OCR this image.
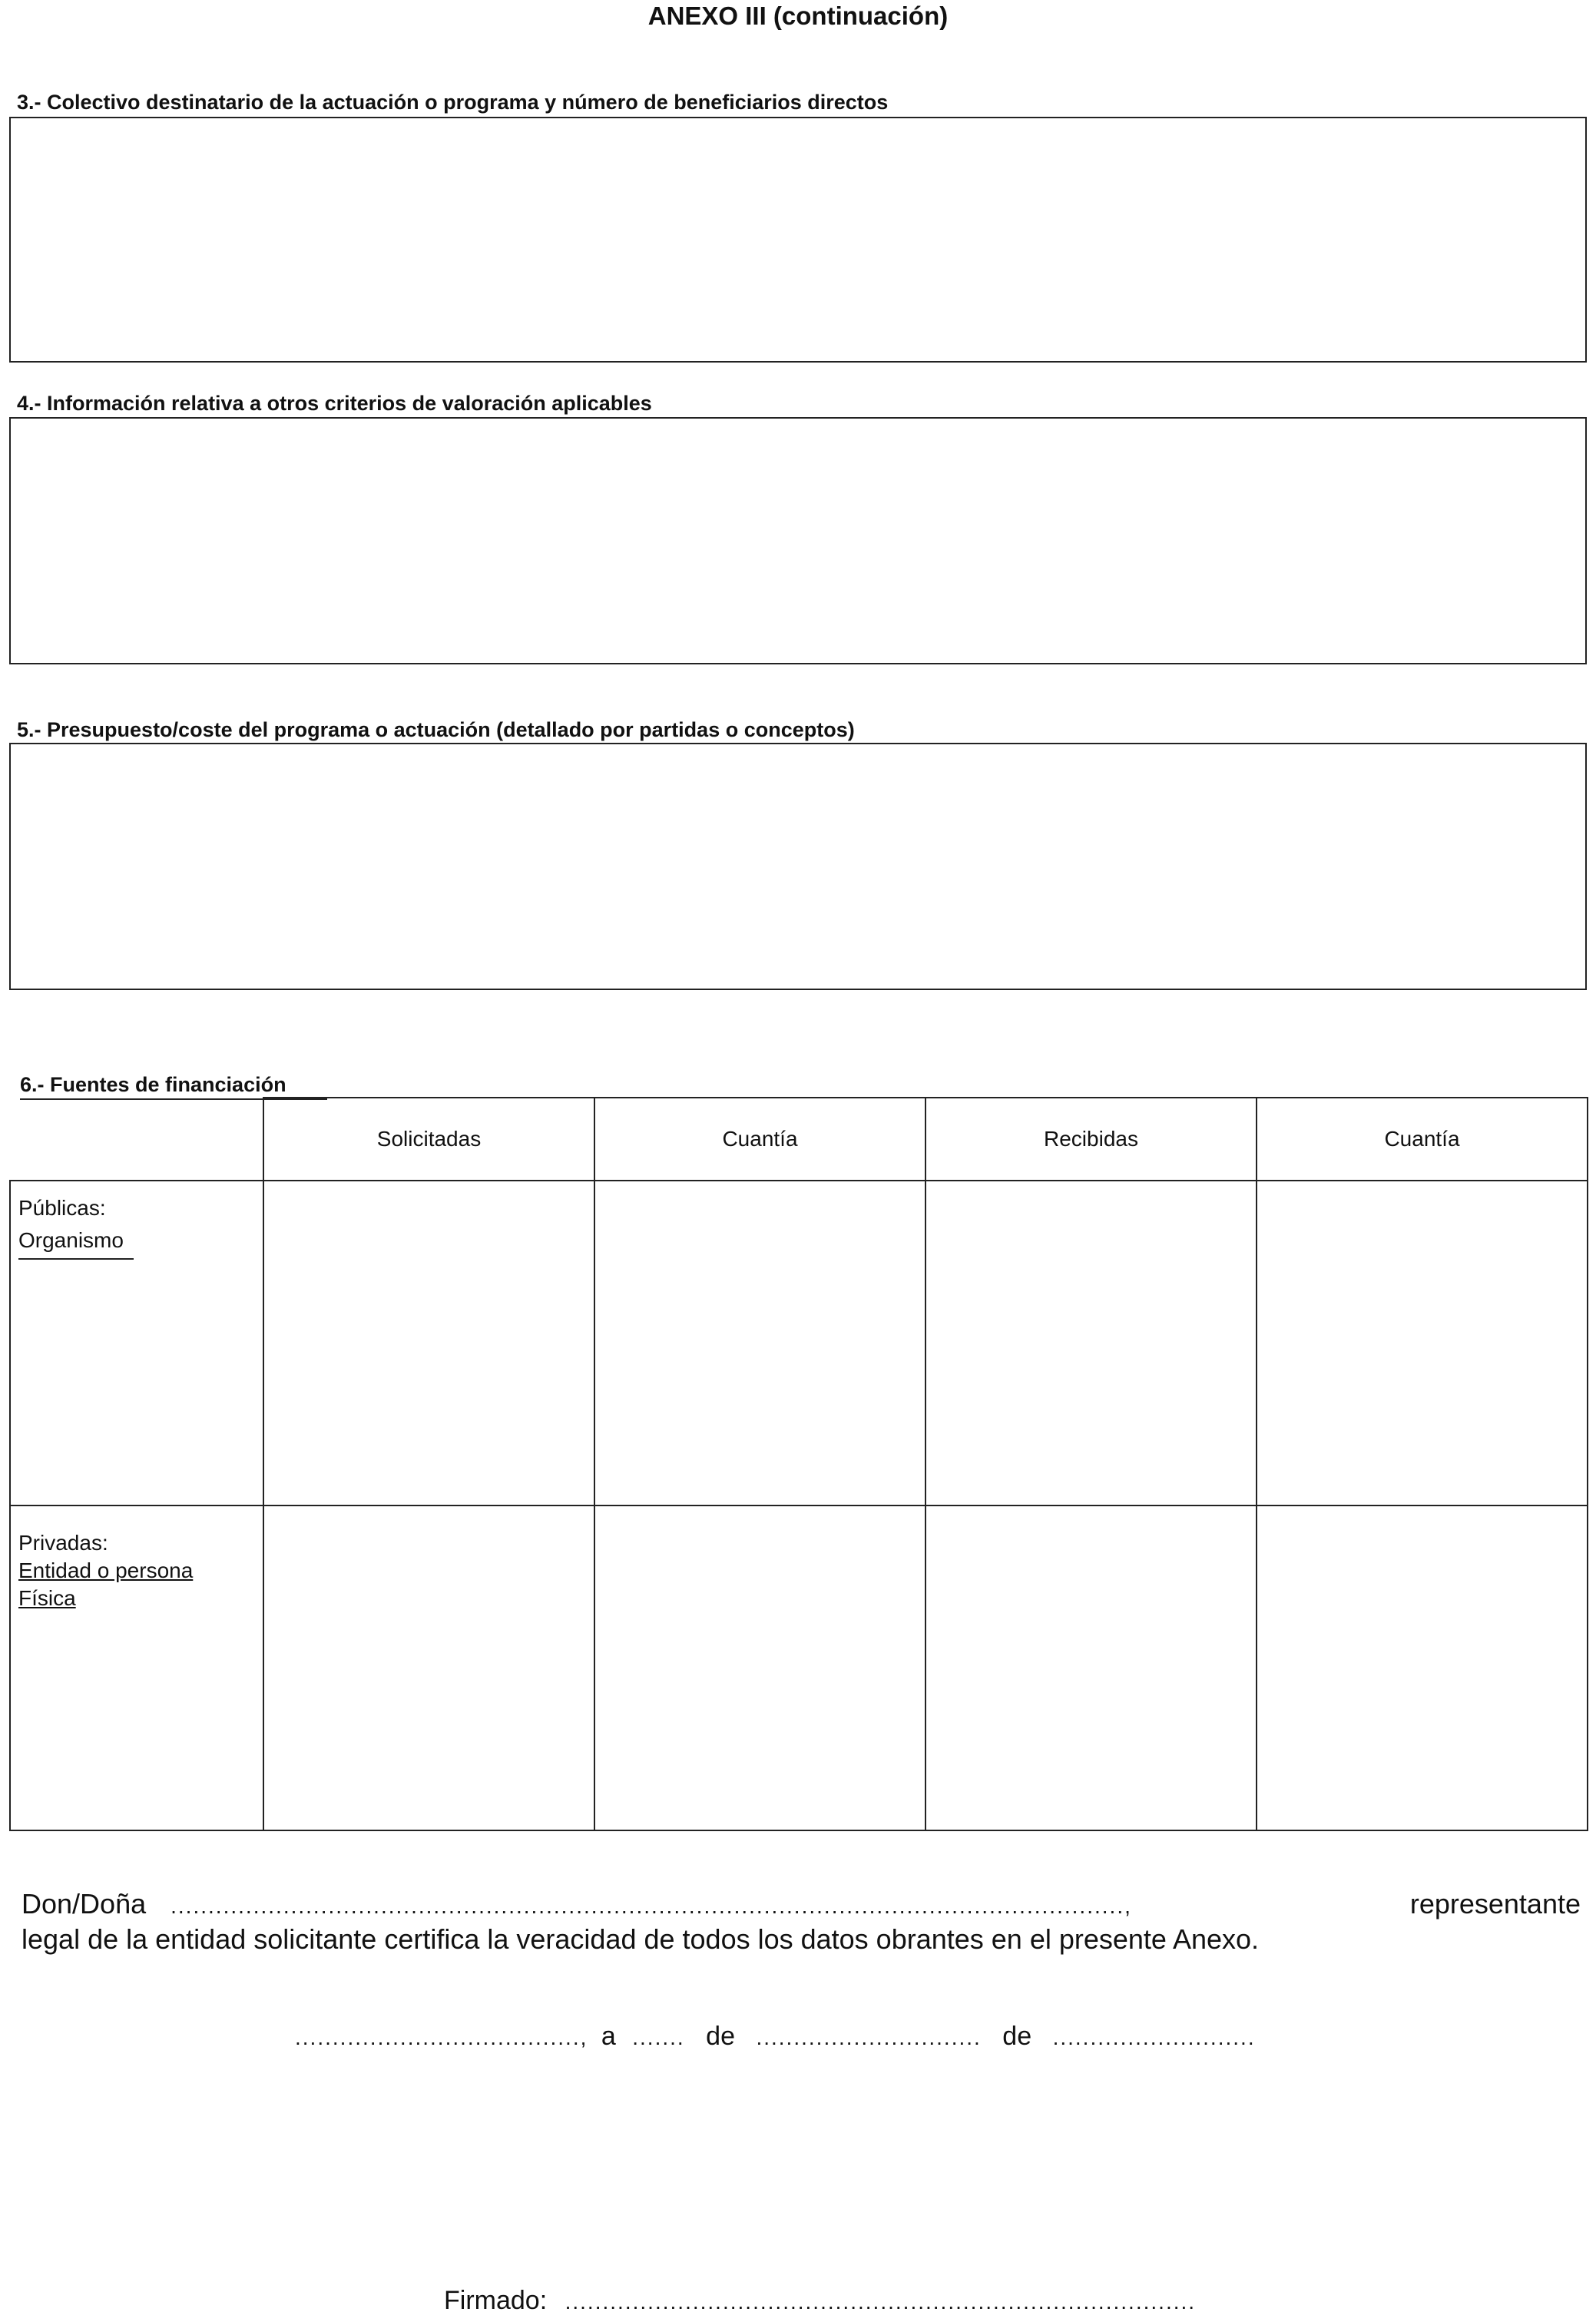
ANEXO III (continuación)
3.- Colectivo destinatario de la actuación o programa y número de beneficiarios directos
4.- Información relativa a otros criterios de valoración aplicables
5.- Presupuesto/coste del programa o actuación (detallado por partidas o conceptos)
6.- Fuentes de financiación
	Solicitadas	Cuantía	Recibidas	Cuantía

Públicas:
Organismo				

Privadas:
Entidad o persona
Física				

Don/Doña ...............................................................................................................................,	representante
legal de la entidad solicitante certifica la veracidad de todos los datos obrantes en el presente Anexo.
......................................, a ....... de .............................. de ...........................
Firmado: ....................................................................................
